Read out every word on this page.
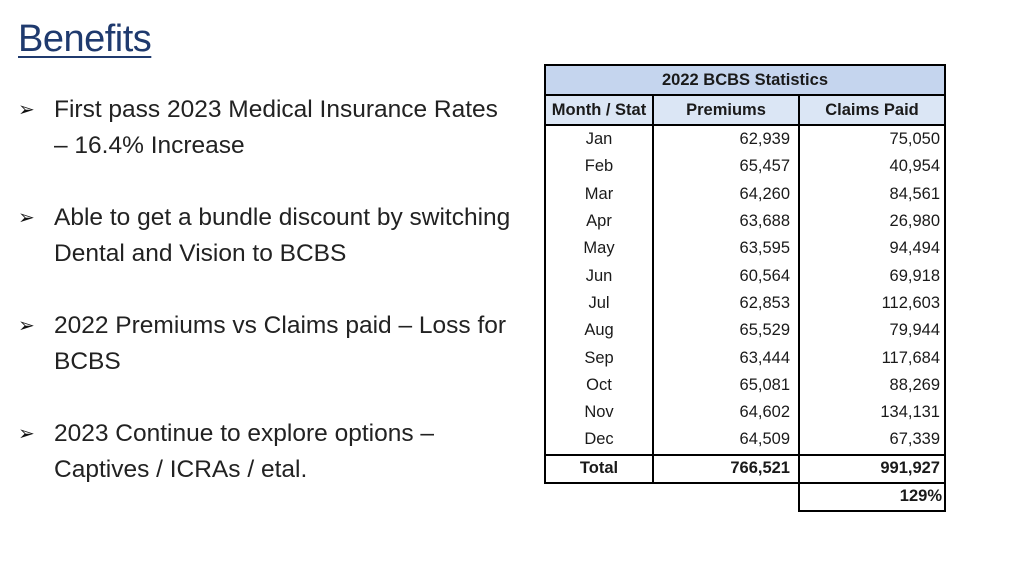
Benefits
➢ First pass 2023 Medical Insurance Rates – 16.4% Increase
➢ Able to get a bundle discount by switching Dental and Vision to BCBS
➢ 2022 Premiums vs Claims paid – Loss for BCBS
➢ 2023 Continue to explore options – Captives / ICRAs / etal.
2022 BCBS Statistics		
Month / Stat	Premiums	Claims Paid
Jan	62,939	75,050
Feb	65,457	40,954
Mar	64,260	84,561
Apr	63,688	26,980
May	63,595	94,494
Jun	60,564	69,918
Jul	62,853	112,603
Aug	65,529	79,944
Sep	63,444	117,684
Oct	65,081	88,269
Nov	64,602	134,131
Dec	64,509	67,339
Total	766,521	991,927
		129%
